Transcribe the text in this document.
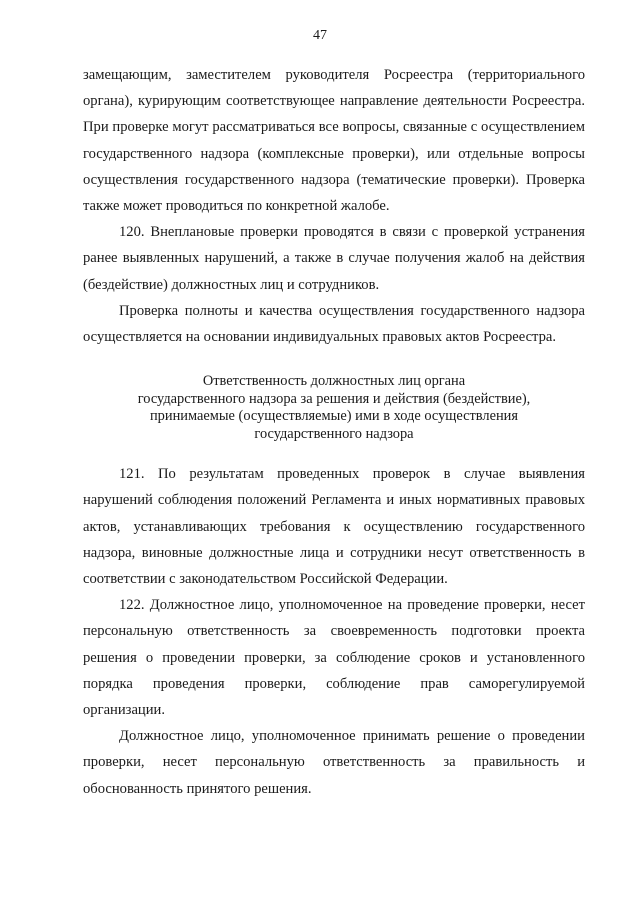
47

замещающим, заместителем руководителя Росреестра (территориального органа), курирующим соответствующее направление деятельности Росреестра. При проверке могут рассматриваться все вопросы, связанные с осуществлением государственного надзора (комплексные проверки), или отдельные вопросы осуществления государственного надзора (тематические проверки). Проверка также может проводиться по конкретной жалобе.

120. Внеплановые проверки проводятся в связи с проверкой устранения ранее выявленных нарушений, а также в случае получения жалоб на действия (бездействие) должностных лиц и сотрудников.

Проверка полноты и качества осуществления государственного надзора осуществляется на основании индивидуальных правовых актов Росреестра.

Ответственность должностных лиц органа
государственного надзора за решения и действия (бездействие),
принимаемые (осуществляемые) ими в ходе осуществления
государственного надзора

121. По результатам проведенных проверок в случае выявления нарушений соблюдения положений Регламента и иных нормативных правовых актов, устанавливающих требования к осуществлению государственного надзора, виновные должностные лица и сотрудники несут ответственность в соответствии с законодательством Российской Федерации.

122. Должностное лицо, уполномоченное на проведение проверки, несет персональную ответственность за своевременность подготовки проекта решения о проведении проверки, за соблюдение сроков и установленного порядка проведения проверки, соблюдение прав саморегулируемой организации.

Должностное лицо, уполномоченное принимать решение о проведении проверки, несет персональную ответственность за правильность и обоснованность принятого решения.
